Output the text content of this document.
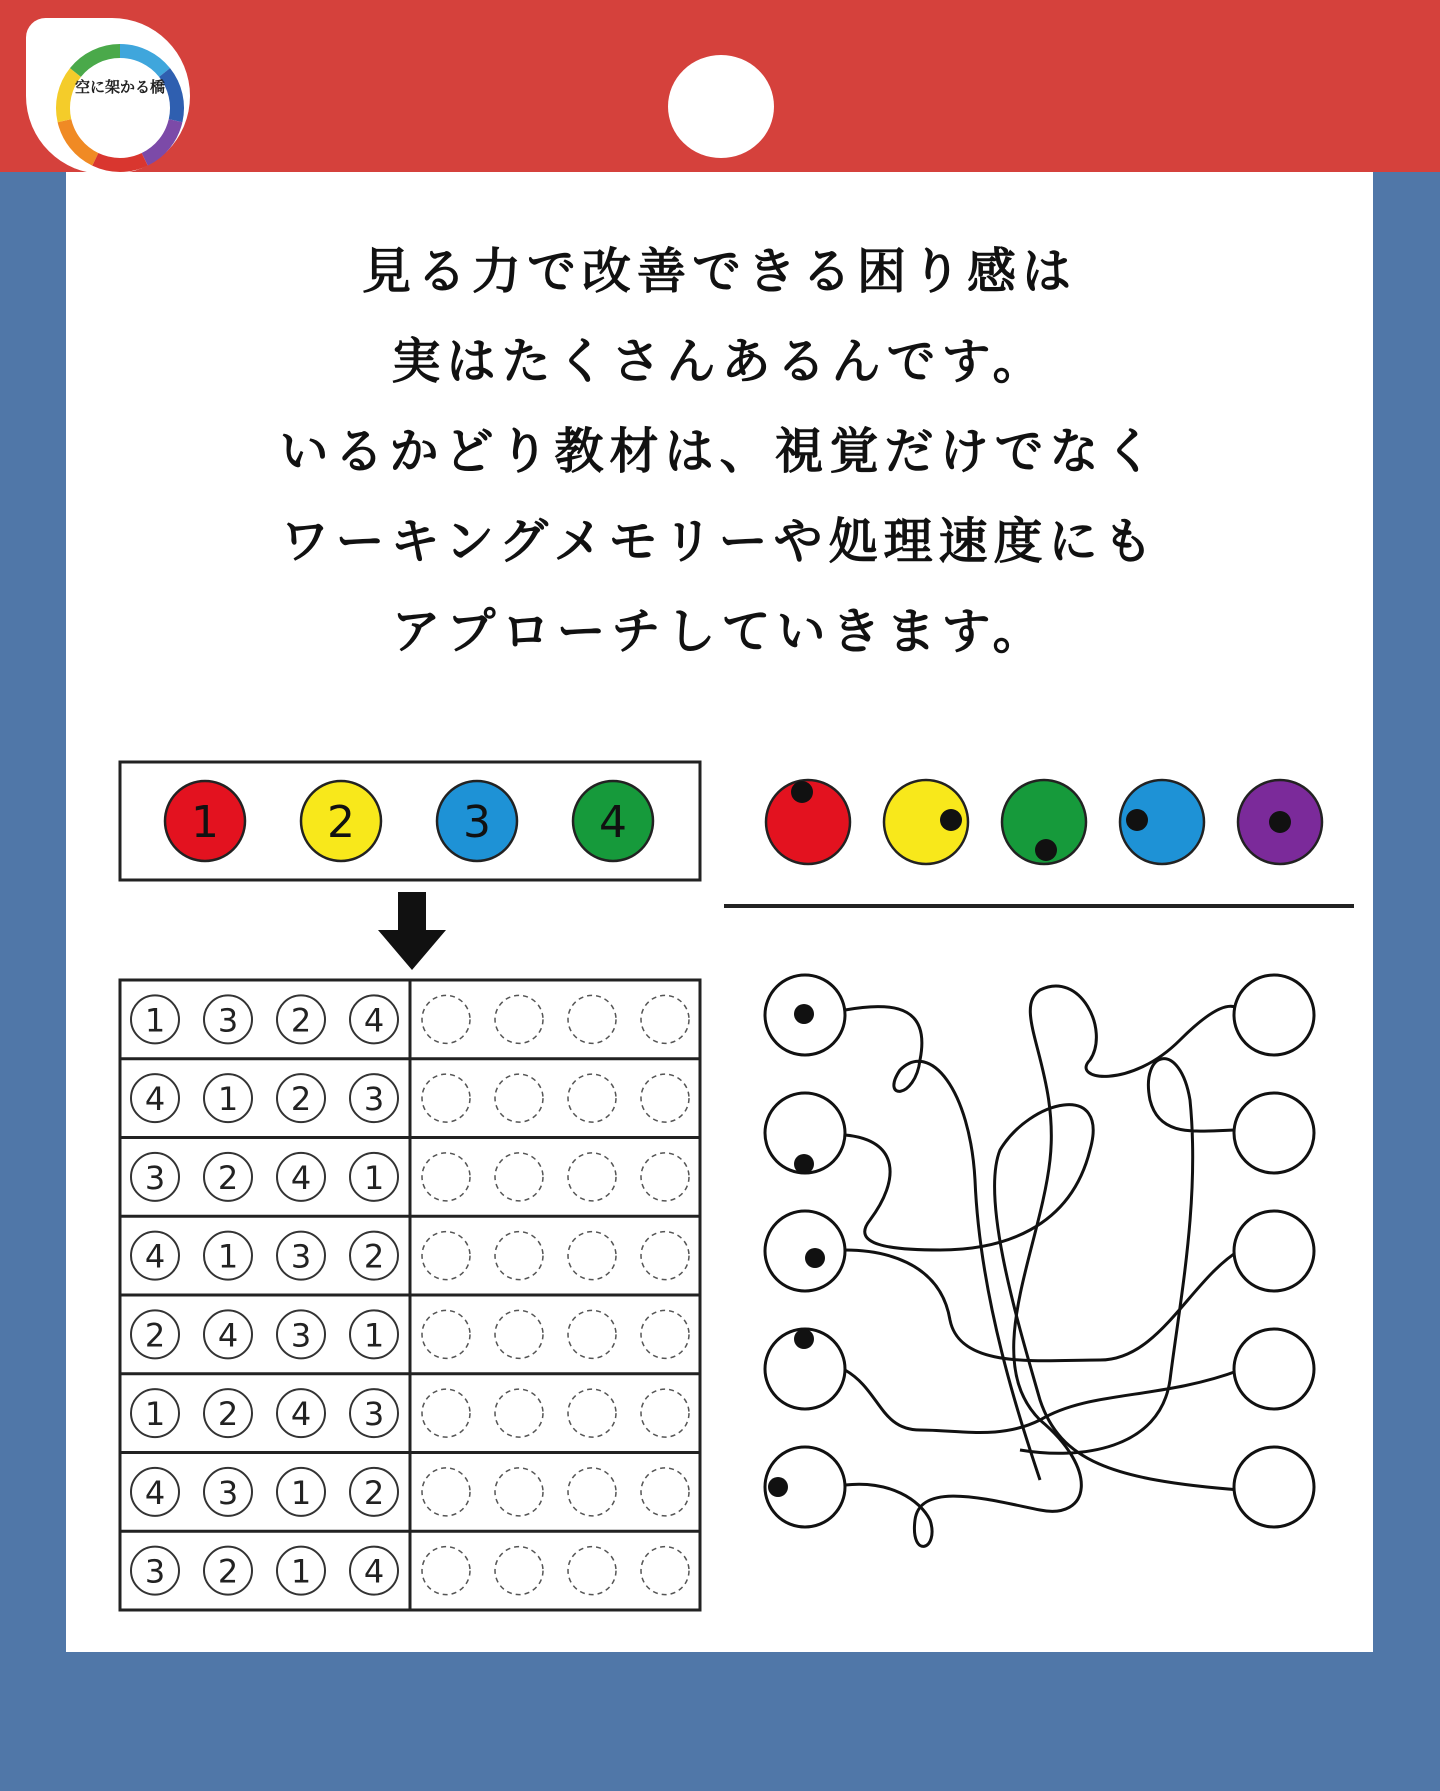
空に架かる橋
見る力で改善できる困り感は
実はたくさんあるんです。
いるかどり教材は、視覚だけでなく
ワーキングメモリーや処理速度にも
アプローチしていきます。
1 2 3 4
1 3 2 4
4 1 2 3
3 2 4 1
4 1 3 2
2 4 3 1
1 2 4 3
4 3 1 2
3 2 1 4
